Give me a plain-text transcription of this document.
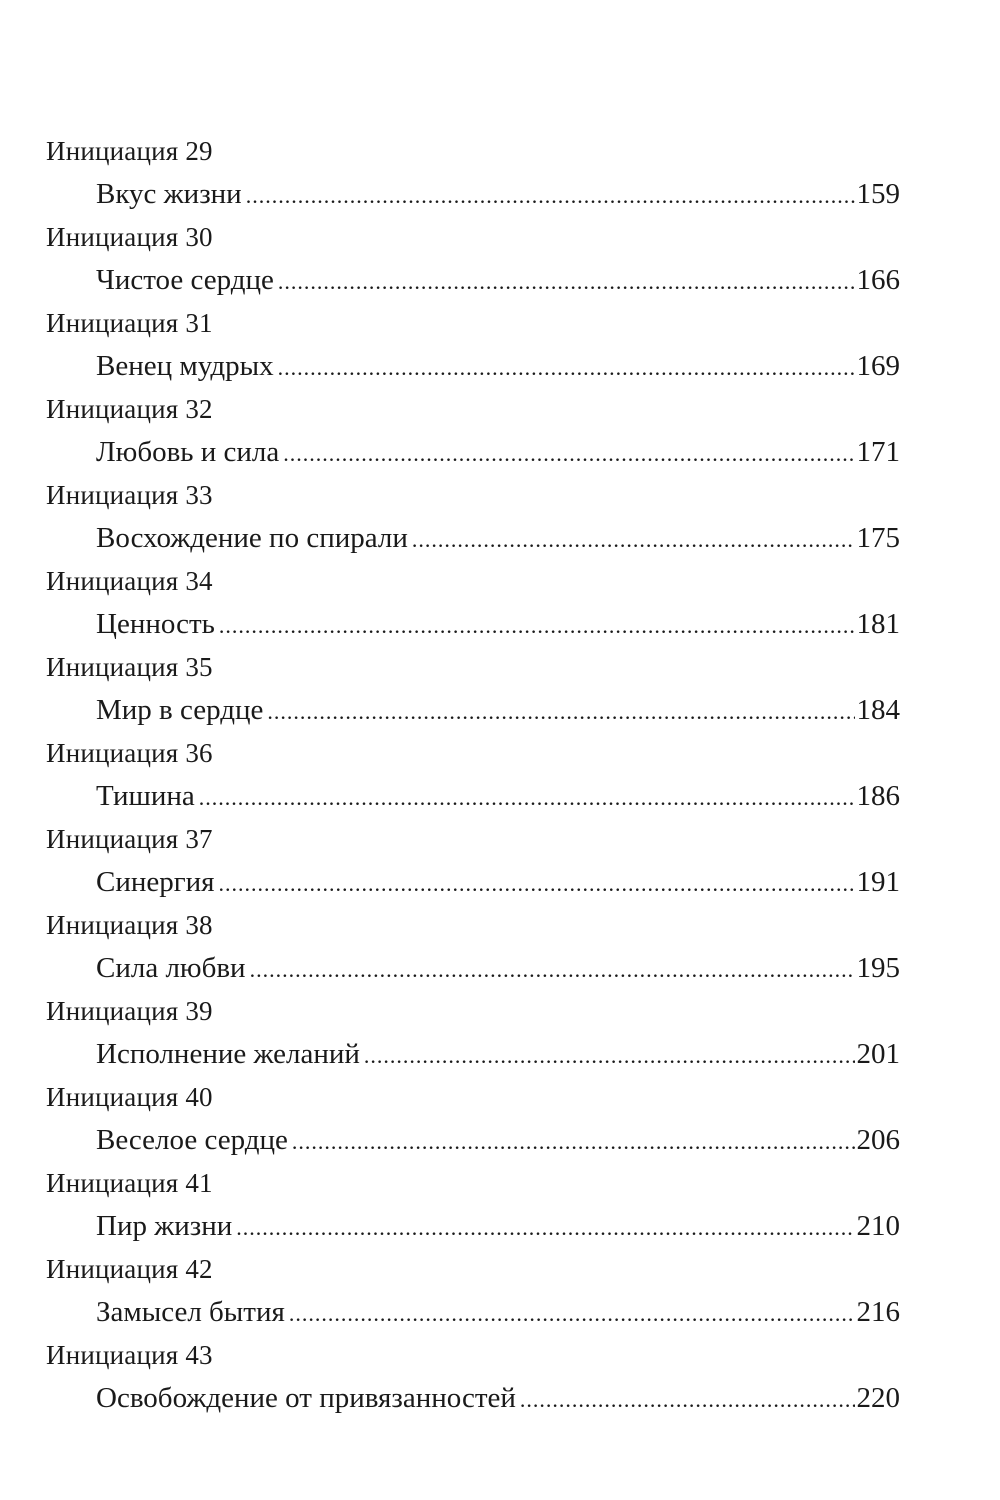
Инициация 29
Вкус жизни .....	159
Инициация 30
Чистое сердце .....	166
Инициация 31
Венец мудрых .....	169
Инициация 32
Любовь и сила .....	171
Инициация 33
Восхождение по спирали .....	175
Инициация 34
Ценность .....	181
Инициация 35
Мир в сердце .....	184
Инициация 36
Тишина .....	186
Инициация 37
Синергия .....	191
Инициация 38
Сила любви .....	195
Инициация 39
Исполнение желаний .....	201
Инициация 40
Веселое сердце .....	206
Инициация 41
Пир жизни .....	210
Инициация 42
Замысел бытия .....	216
Инициация 43
Освобождение от привязанностей .....	220
